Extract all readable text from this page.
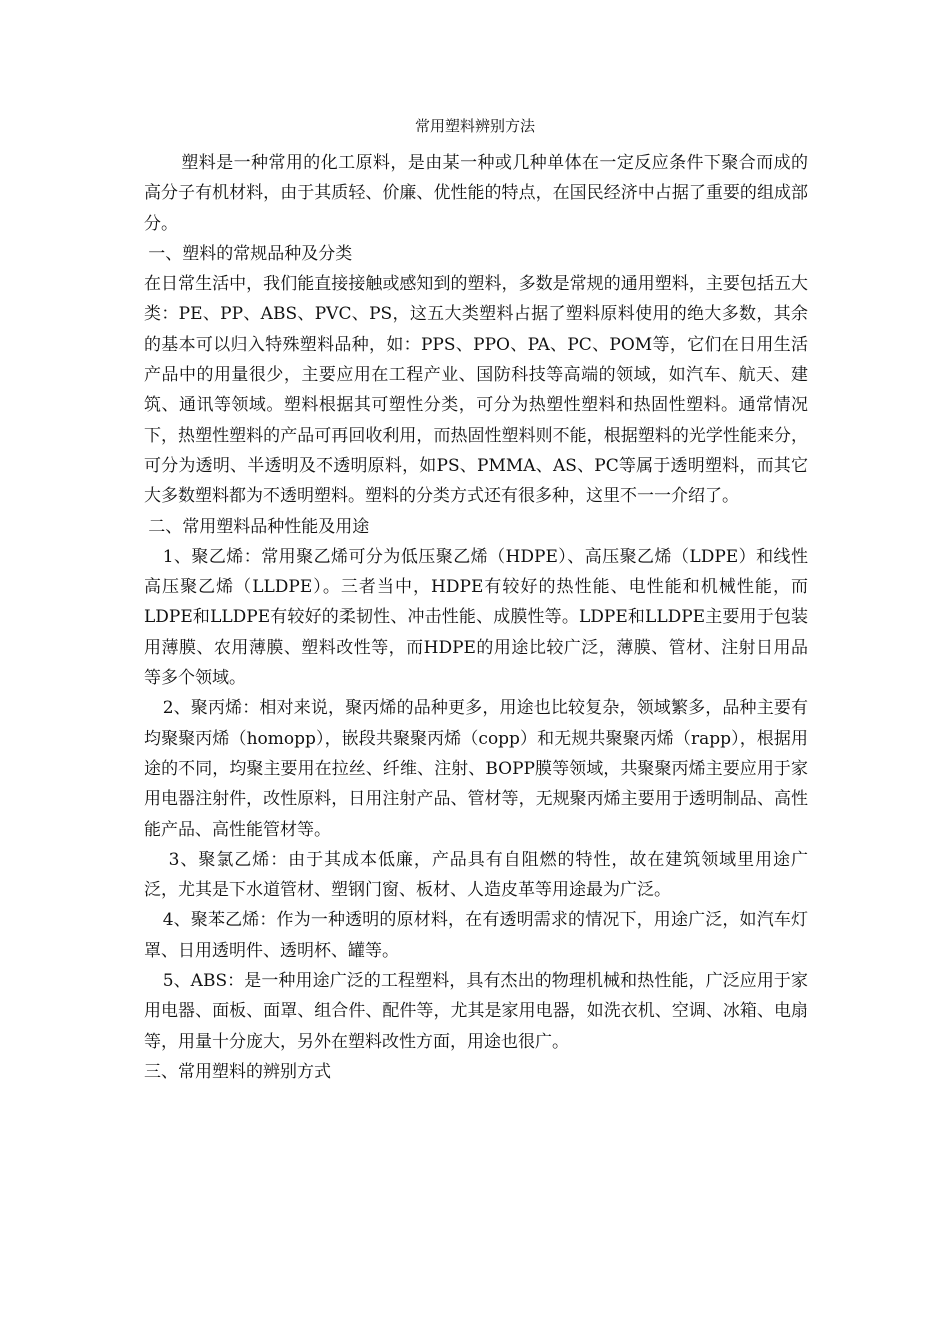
常用塑料辨别方法

塑料是一种常用的化工原料，是由某一种或几种单体在一定反应条件下聚合而成的高分子有机材料，由于其质轻、价廉、优性能的特点，在国民经济中占据了重要的组成部分。

一、塑料的常规品种及分类

在日常生活中，我们能直接接触或感知到的塑料，多数是常规的通用塑料，主要包括五大类：PE、PP、ABS、PVC、PS，这五大类塑料占据了塑料原料使用的绝大多数，其余的基本可以归入特殊塑料品种，如：PPS、PPO、PA、PC、POM等，它们在日用生活产品中的用量很少，主要应用在工程产业、国防科技等高端的领域，如汽车、航天、建筑、通讯等领域。塑料根据其可塑性分类，可分为热塑性塑料和热固性塑料。通常情况下，热塑性塑料的产品可再回收利用，而热固性塑料则不能，根据塑料的光学性能来分，可分为透明、半透明及不透明原料，如PS、PMMA、AS、PC等属于透明塑料，而其它大多数塑料都为不透明塑料。塑料的分类方式还有很多种，这里不一一介绍了。

二、常用塑料品种性能及用途

1、聚乙烯：常用聚乙烯可分为低压聚乙烯（HDPE）、高压聚乙烯（LDPE）和线性高压聚乙烯（LLDPE）。三者当中，HDPE有较好的热性能、电性能和机械性能，而LDPE和LLDPE有较好的柔韧性、冲击性能、成膜性等。LDPE和LLDPE主要用于包装用薄膜、农用薄膜、塑料改性等，而HDPE的用途比较广泛，薄膜、管材、注射日用品等多个领域。

2、聚丙烯：相对来说，聚丙烯的品种更多，用途也比较复杂，领域繁多，品种主要有均聚聚丙烯（homopp），嵌段共聚聚丙烯（copp）和无规共聚聚丙烯（rapp），根据用途的不同，均聚主要用在拉丝、纤维、注射、BOPP膜等领域，共聚聚丙烯主要应用于家用电器注射件，改性原料，日用注射产品、管材等，无规聚丙烯主要用于透明制品、高性能产品、高性能管材等。

3、聚氯乙烯：由于其成本低廉，产品具有自阻燃的特性，故在建筑领域里用途广泛，尤其是下水道管材、塑钢门窗、板材、人造皮革等用途最为广泛。

4、聚苯乙烯：作为一种透明的原材料，在有透明需求的情况下，用途广泛，如汽车灯罩、日用透明件、透明杯、罐等。

5、ABS：是一种用途广泛的工程塑料，具有杰出的物理机械和热性能，广泛应用于家用电器、面板、面罩、组合件、配件等，尤其是家用电器，如洗衣机、空调、冰箱、电扇等，用量十分庞大，另外在塑料改性方面，用途也很广。

三、常用塑料的辨别方式
